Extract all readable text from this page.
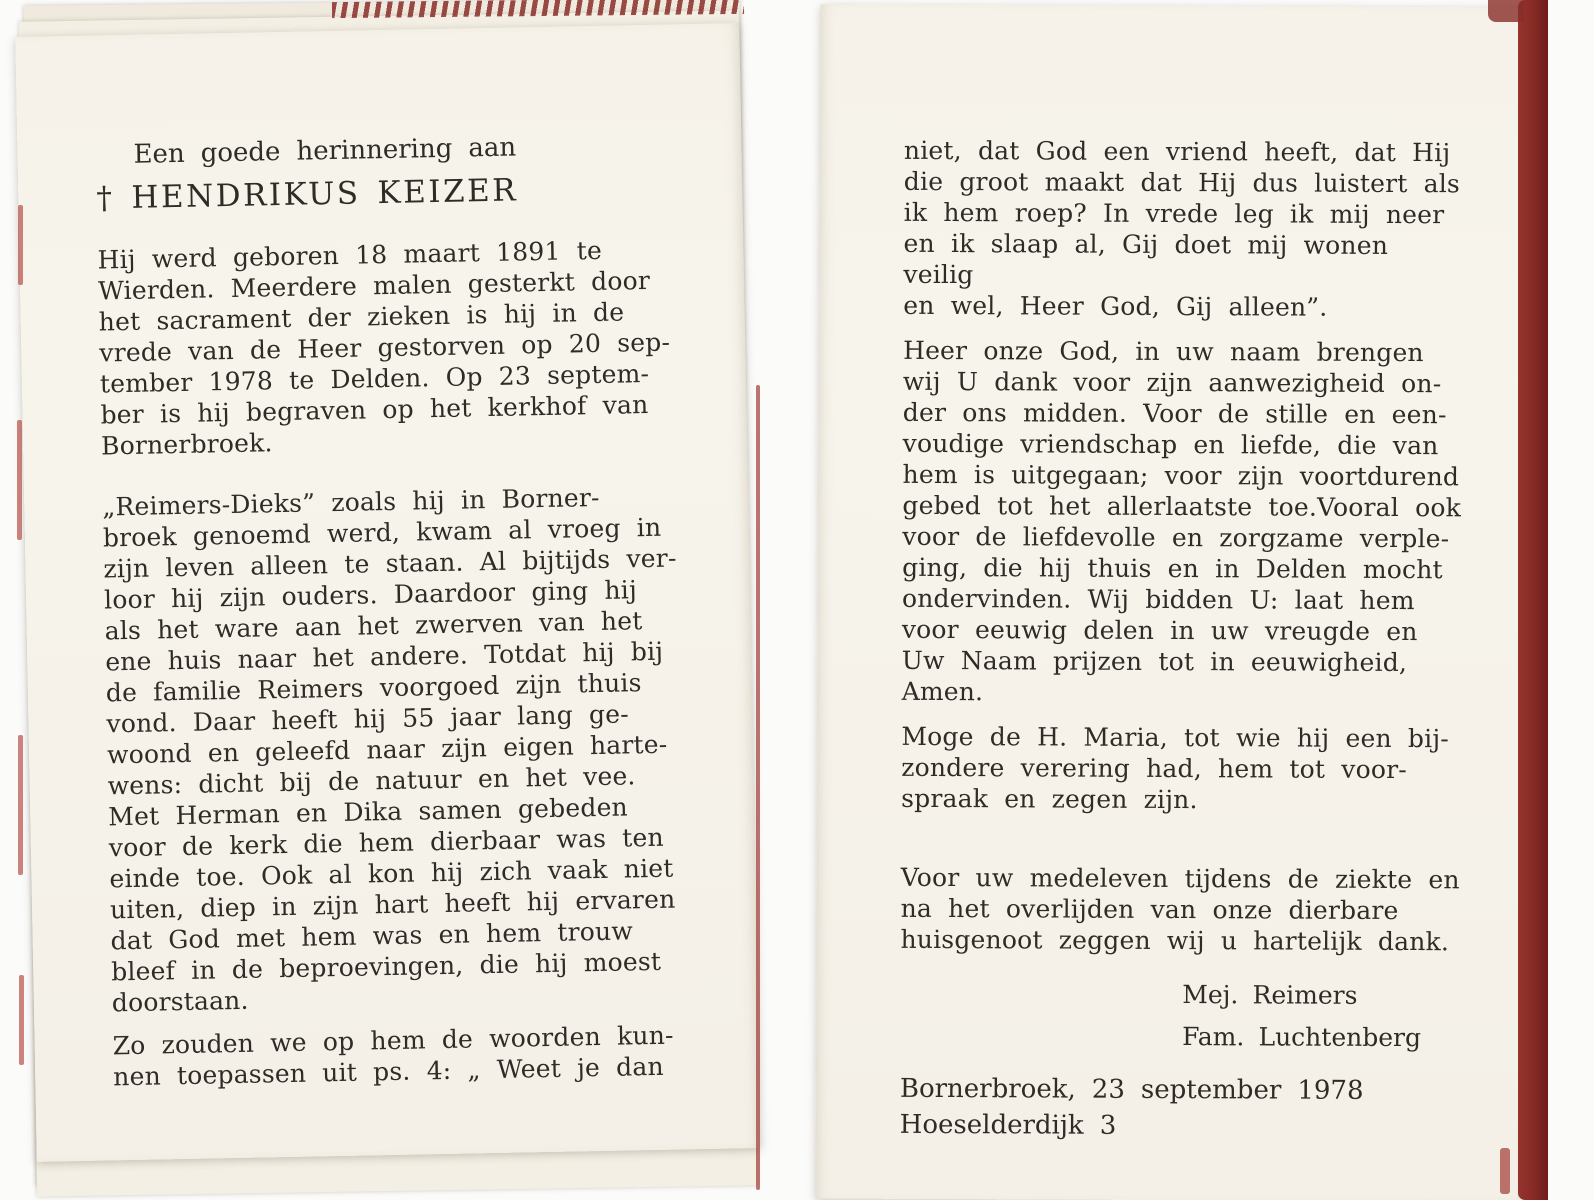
Een goede herinnering aan
† HENDRIKUS KEIZER

Hij werd geboren 18 maart 1891 te
Wierden. Meerdere malen gesterkt door
het sacrament der zieken is hij in de
vrede van de Heer gestorven op 20 sep-
tember 1978 te Delden. Op 23 septem-
ber is hij begraven op het kerkhof van
Bornerbroek.

„Reimers-Dieks” zoals hij in Borner-
broek genoemd werd, kwam al vroeg in
zijn leven alleen te staan. Al bijtijds ver-
loor hij zijn ouders. Daardoor ging hij
als het ware aan het zwerven van het
ene huis naar het andere. Totdat hij bij
de familie Reimers voorgoed zijn thuis
vond. Daar heeft hij 55 jaar lang ge-
woond en geleefd naar zijn eigen harte-
wens: dicht bij de natuur en het vee.
Met Herman en Dika samen gebeden
voor de kerk die hem dierbaar was ten
einde toe. Ook al kon hij zich vaak niet
uiten, diep in zijn hart heeft hij ervaren
dat God met hem was en hem trouw
bleef in de beproevingen, die hij moest
doorstaan.

Zo zouden we op hem de woorden kun-
nen toepassen uit ps. 4: „ Weet je dan

niet, dat God een vriend heeft, dat Hij
die groot maakt dat Hij dus luistert als
ik hem roep? In vrede leg ik mij neer
en ik slaap al, Gij doet mij wonen veilig
en wel, Heer God, Gij alleen”.

Heer onze God, in uw naam brengen
wij U dank voor zijn aanwezigheid on-
der ons midden. Voor de stille en een-
voudige vriendschap en liefde, die van
hem is uitgegaan; voor zijn voortdurend
gebed tot het allerlaatste toe.Vooral ook
voor de liefdevolle en zorgzame verple-
ging, die hij thuis en in Delden mocht
ondervinden. Wij bidden U: laat hem
voor eeuwig delen in uw vreugde en
Uw Naam prijzen tot in eeuwigheid,
Amen.

Moge de H. Maria, tot wie hij een bij-
zondere verering had, hem tot voor-
spraak en zegen zijn.

Voor uw medeleven tijdens de ziekte en
na het overlijden van onze dierbare
huisgenoot zeggen wij u hartelijk dank.

Mej. Reimers
Fam. Luchtenberg
Bornerbroek, 23 september 1978
Hoeselderdijk 3
